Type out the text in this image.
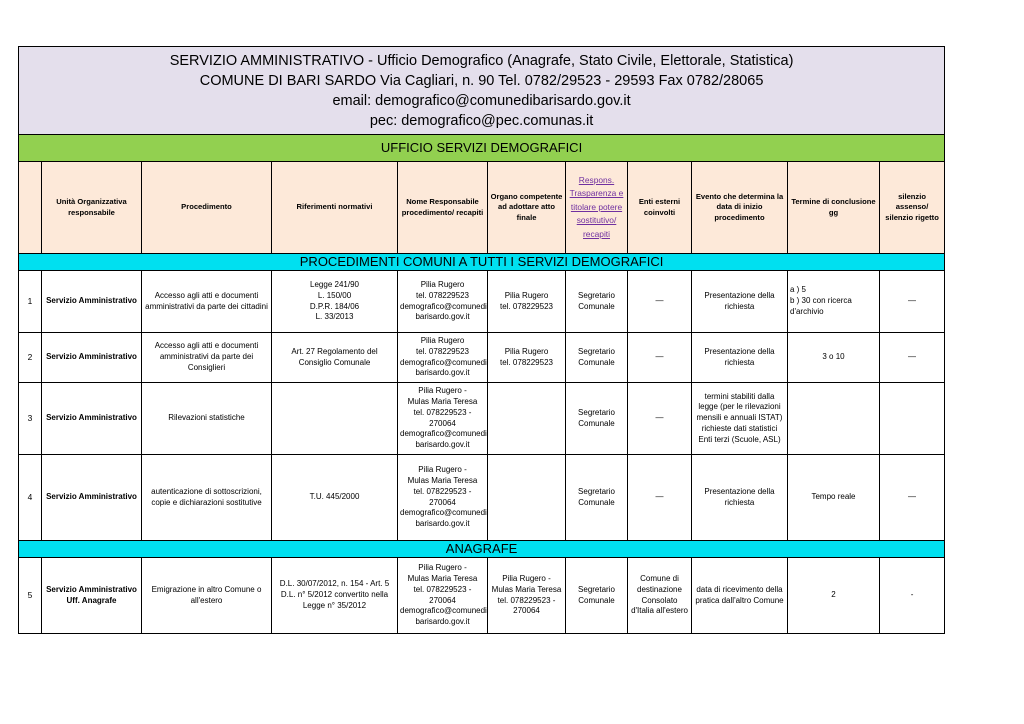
SERVIZIO AMMINISTRATIVO - Ufficio Demografico (Anagrafe, Stato Civile, Elettorale, Statistica)
COMUNE DI BARI SARDO Via Cagliari, n. 90 Tel. 0782/29523 - 29593 Fax 0782/28065
email: demografico@comunedibarisardo.gov.it
pec: demografico@pec.comunas.it										

UFFICIO SERVIZI DEMOGRAFICI										
	Unità Organizzativa responsabile	Procedimento	Riferimenti normativi	Nome Responsabile procedimento/ recapiti	Organo competente ad adottare atto finale	Respons. Trasparenza e titolare potere sostitutivo/ recapiti	Enti esterni coinvolti	Evento che determina la data di inizio procedimento	Termine di conclusione gg	silenzio assenso/ silenzio rigetto
PROCEDIMENTI COMUNI A TUTTI I SERVIZI DEMOGRAFICI										
1	Servizio Amministrativo	Accesso agli atti e documenti amministrativi da parte dei cittadini	Legge 241/90
L. 150/00
D.P.R. 184/06
L. 33/2013	Pilia Rugero
tel. 078229523
demografico@comunedi
barisardo.gov.it	Pilia Rugero
tel. 078229523	Segretario Comunale	—	Presentazione della richiesta	a ) 5
b ) 30 con ricerca d'archivio	—
2	Servizio Amministrativo	Accesso agli atti e documenti amministrativi da parte dei Consiglieri	Art. 27 Regolamento del Consiglio Comunale	Pilia Rugero
tel. 078229523
demografico@comunedi
barisardo.gov.it	Pilia Rugero
tel. 078229523	Segretario Comunale	—	Presentazione della richiesta	3 o 10	—
3	Servizio Amministrativo	Rilevazioni statistiche		Pilia Rugero -
Mulas Maria Teresa
tel. 078229523 - 270064
demografico@comunedi
barisardo.gov.it		Segretario Comunale	—	termini stabiliti dalla legge (per le rilevazioni mensili e annuali ISTAT) richieste dati statistici Enti terzi (Scuole, ASL)		
4	Servizio Amministrativo	autenticazione di sottoscrizioni, copie e dichiarazioni sostitutive	T.U. 445/2000	Pilia Rugero -
Mulas Maria Teresa
tel. 078229523 - 270064
demografico@comunedi
barisardo.gov.it		Segretario Comunale	—	Presentazione della richiesta	Tempo reale	—
ANAGRAFE										
5	Servizio Amministrativo
Uff. Anagrafe	Emigrazione in altro Comune o all'estero	D.L. 30/07/2012, n. 154 - Art. 5
D.L. n° 5/2012 convertito nella Legge n° 35/2012	Pilia Rugero -
Mulas Maria Teresa
tel. 078229523 - 270064
demografico@comunedi
barisardo.gov.it	Pilia Rugero -
Mulas Maria Teresa
tel. 078229523 -
270064	Segretario Comunale	Comune di destinazione
Consolato d'Italia all'estero	data di ricevimento della pratica dall'altro Comune	2	-
